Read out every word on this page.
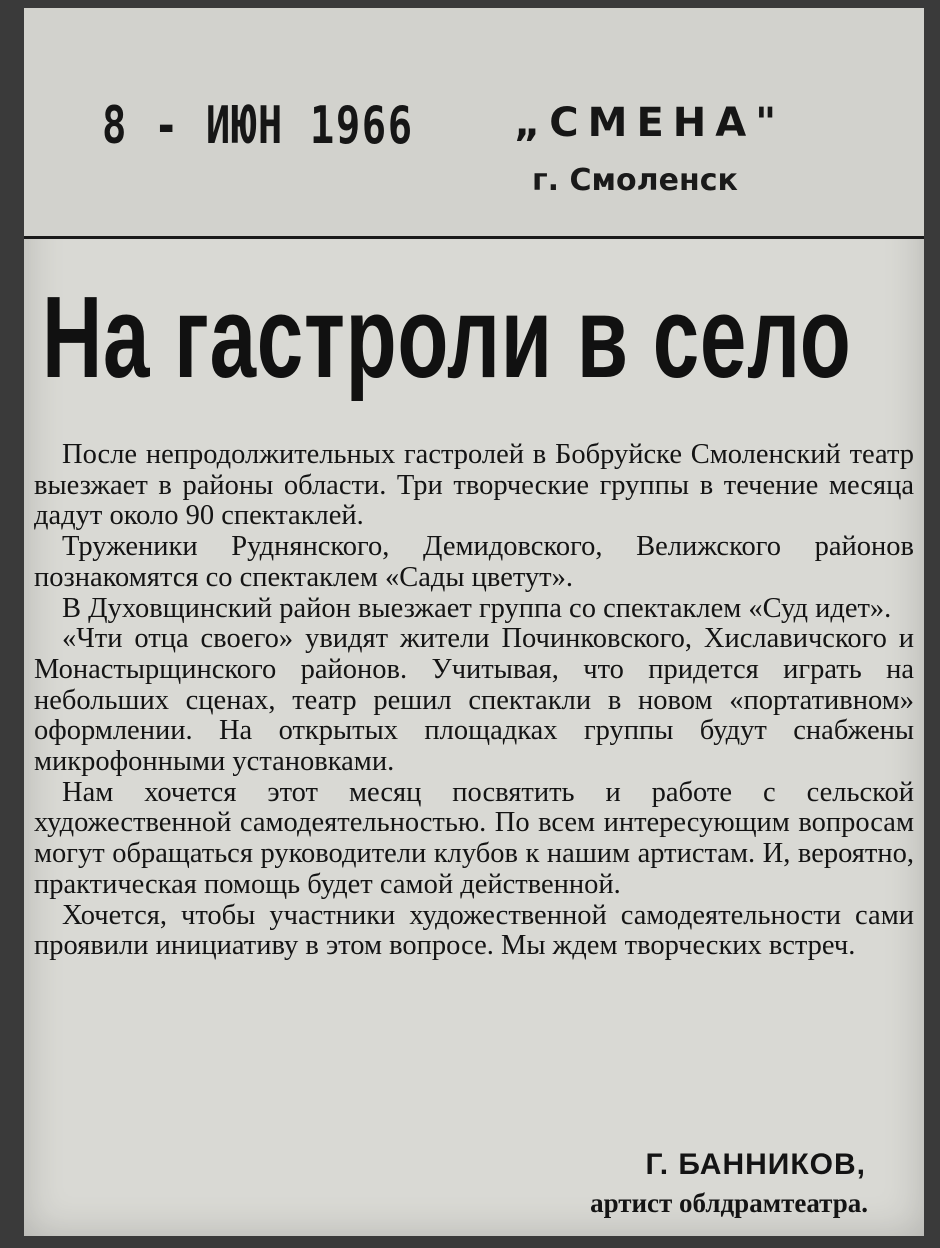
8 - ИЮН 1966	„СМЕНА"
г. Смоленск
На гастроли в село

После непродолжительных гастролей в Бобруйске Смоленский театр выезжает в районы области. Три творческие группы в течение месяца дадут около 90 спектаклей.

Труженики Руднянского, Демидовского, Велижского районов познакомятся со спектаклем «Сады цветут».

В Духовщинский район выезжает группа со спектаклем «Суд идет».

«Чти отца своего» увидят жители Починковского, Хиславичского и Монастырщинского районов. Учитывая, что придется играть на небольших сценах, театр решил спектакли в новом «портативном» оформлении. На открытых площадках группы будут снабжены микрофонными установками.

Нам хочется этот месяц посвятить и работе с сельской художественной самодеятельностью. По всем интересующим вопросам могут обращаться руководители клубов к нашим артистам. И, вероятно, практическая помощь будет самой действенной.

Хочется, чтобы участники художественной самодеятельности сами проявили инициативу в этом вопросе. Мы ждем творческих встреч.

Г. БАННИКОВ,
артист облдрамтеатра.
